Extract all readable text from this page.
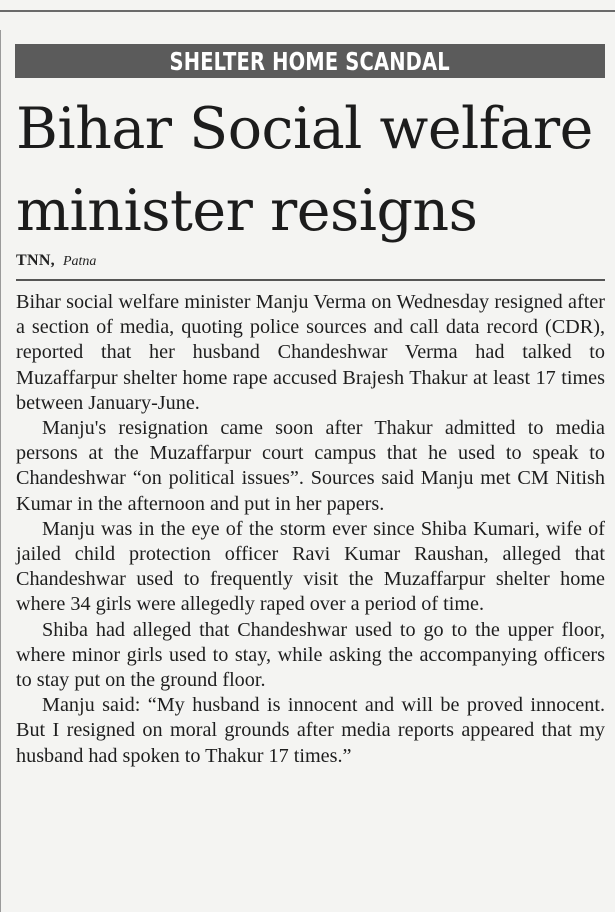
SHELTER HOME SCANDAL
Bihar Social welfare
minister resigns
TNN, Patna

Bihar social welfare minister Manju Verma on Wednesday resigned after a section of media, quoting police sources and call data record (CDR), reported that her husband Chandeshwar Verma had talked to Muzaffarpur shelter home rape accused Brajesh Thakur at least 17 times between January-June.

Manju's resignation came soon after Thakur admitted to media persons at the Muzaffarpur court campus that he used to speak to Chandeshwar “on political issues”. Sources said Manju met CM Nitish Kumar in the afternoon and put in her papers.

Manju was in the eye of the storm ever since Shiba Kumari, wife of jailed child protection officer Ravi Kumar Raushan, alleged that Chandeshwar used to frequently visit the Muzaffarpur shelter home where 34 girls were allegedly raped over a period of time.

Shiba had alleged that Chandeshwar used to go to the upper floor, where minor girls used to stay, while asking the accompanying officers to stay put on the ground floor.

Manju said: “My husband is innocent and will be proved innocent. But I resigned on moral grounds after media reports appeared that my husband had spoken to Thakur 17 times.”
